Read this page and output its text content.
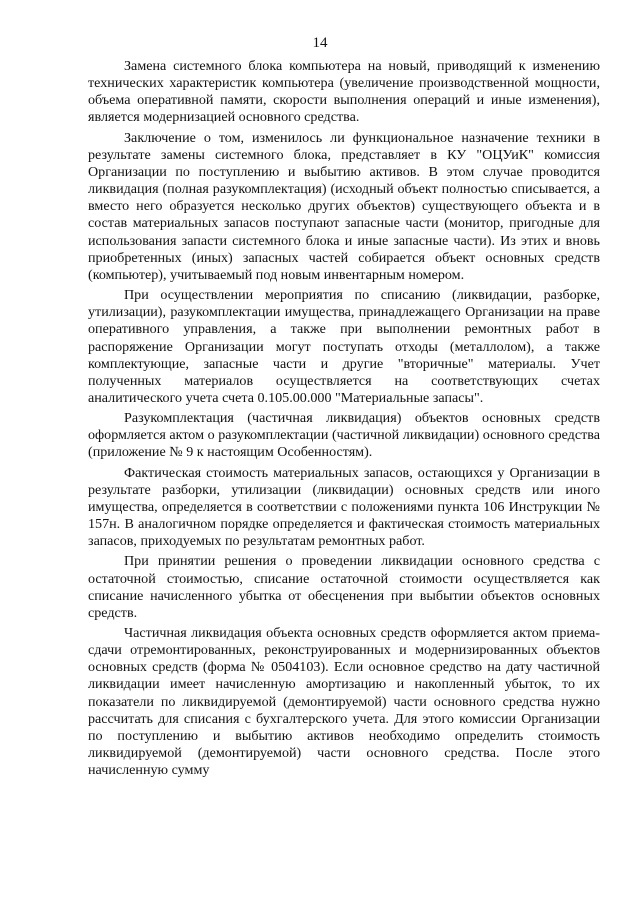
14

Замена системного блока компьютера на новый, приводящий к изменению технических характеристик компьютера (увеличение производственной мощности, объема оперативной памяти, скорости выполнения операций и иные изменения), является модернизацией основного средства.

Заключение о том, изменилось ли функциональное назначение техники в результате замены системного блока, представляет в КУ "ОЦУиК" комиссия Организации по поступлению и выбытию активов. В этом случае проводится ликвидация (полная разукомплектация) (исходный объект полностью списывается, а вместо него образуется несколько других объектов) существующего объекта и в состав материальных запасов поступают запасные части (монитор, пригодные для использования запасти системного блока и иные запасные части). Из этих и вновь приобретенных (иных) запасных частей собирается объект основных средств (компьютер), учитываемый под новым инвентарным номером.

При осуществлении мероприятия по списанию (ликвидации, разборке, утилизации), разукомплектации имущества, принадлежащего Организации на праве оперативного управления, а также при выполнении ремонтных работ в распоряжение Организации могут поступать отходы (металлолом), а также комплектующие, запасные части и другие "вторичные" материалы. Учет полученных материалов осуществляется на соответствующих счетах аналитического учета счета 0.105.00.000 "Материальные запасы".

Разукомплектация (частичная ликвидация) объектов основных средств оформляется актом о разукомплектации (частичной ликвидации) основного средства (приложение № 9 к настоящим Особенностям).

Фактическая стоимость материальных запасов, остающихся у Организации в результате разборки, утилизации (ликвидации) основных средств или иного имущества, определяется в соответствии с положениями пункта 106 Инструкции № 157н. В аналогичном порядке определяется и фактическая стоимость материальных запасов, приходуемых по результатам ремонтных работ.

При принятии решения о проведении ликвидации основного средства с остаточной стоимостью, списание остаточной стоимости осуществляется как списание начисленного убытка от обесценения при выбытии объектов основных средств.

Частичная ликвидация объекта основных средств оформляется актом приема-сдачи отремонтированных, реконструированных и модернизированных объектов основных средств (форма № 0504103). Если основное средство на дату частичной ликвидации имеет начисленную амортизацию и накопленный убыток, то их показатели по ликвидируемой (демонтируемой) части основного средства нужно рассчитать для списания с бухгалтерского учета. Для этого комиссии Организации по поступлению и выбытию активов необходимо определить стоимость ликвидируемой (демонтируемой) части основного средства. После этого начисленную сумму
